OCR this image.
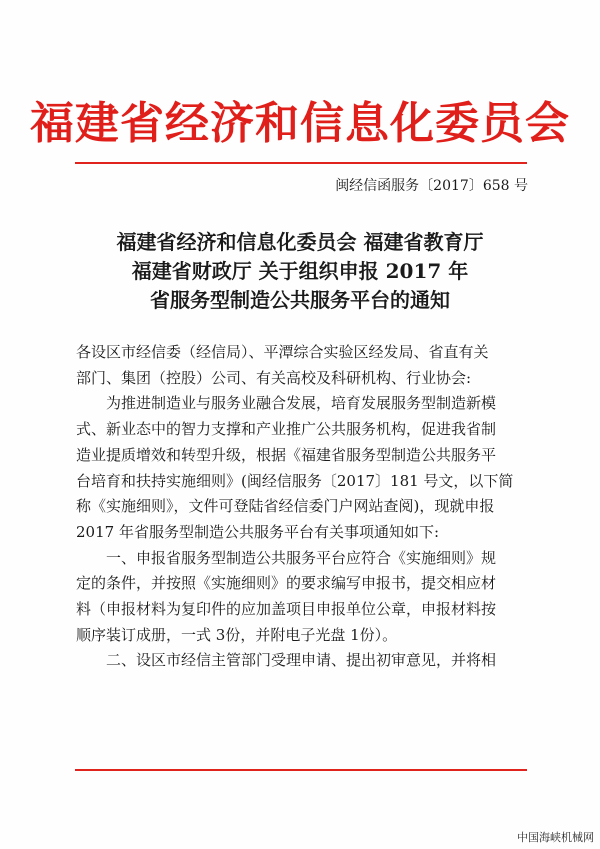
福建省经济和信息化委员会
闽经信函服务〔2017〕658 号
福建省经济和信息化委员会 福建省教育厅
福建省财政厅 关于组织申报 2017 年
省服务型制造公共服务平台的通知

各设区市经信委（经信局）、平潭综合实验区经发局、省直有关
部门、集团（控股）公司、有关高校及科研机构、行业协会:

为推进制造业与服务业融合发展，培育发展服务型制造新模
式、新业态中的智力支撑和产业推广公共服务机构，促进我省制
造业提质增效和转型升级，根据《福建省服务型制造公共服务平
台培育和扶持实施细则》(闽经信服务〔2017〕181 号文，以下简
称《实施细则》，文件可登陆省经信委门户网站查阅)，现就申报
2017 年省服务型制造公共服务平台有关事项通知如下:

一、申报省服务型制造公共服务平台应符合《实施细则》规
定的条件，并按照《实施细则》的要求编写申报书，提交相应材
料（申报材料为复印件的应加盖项目申报单位公章，申报材料按
顺序装订成册，一式 3份，并附电子光盘 1份）。

二、设区市经信主管部门受理申请、提出初审意见，并将相

中国海峡机械网
